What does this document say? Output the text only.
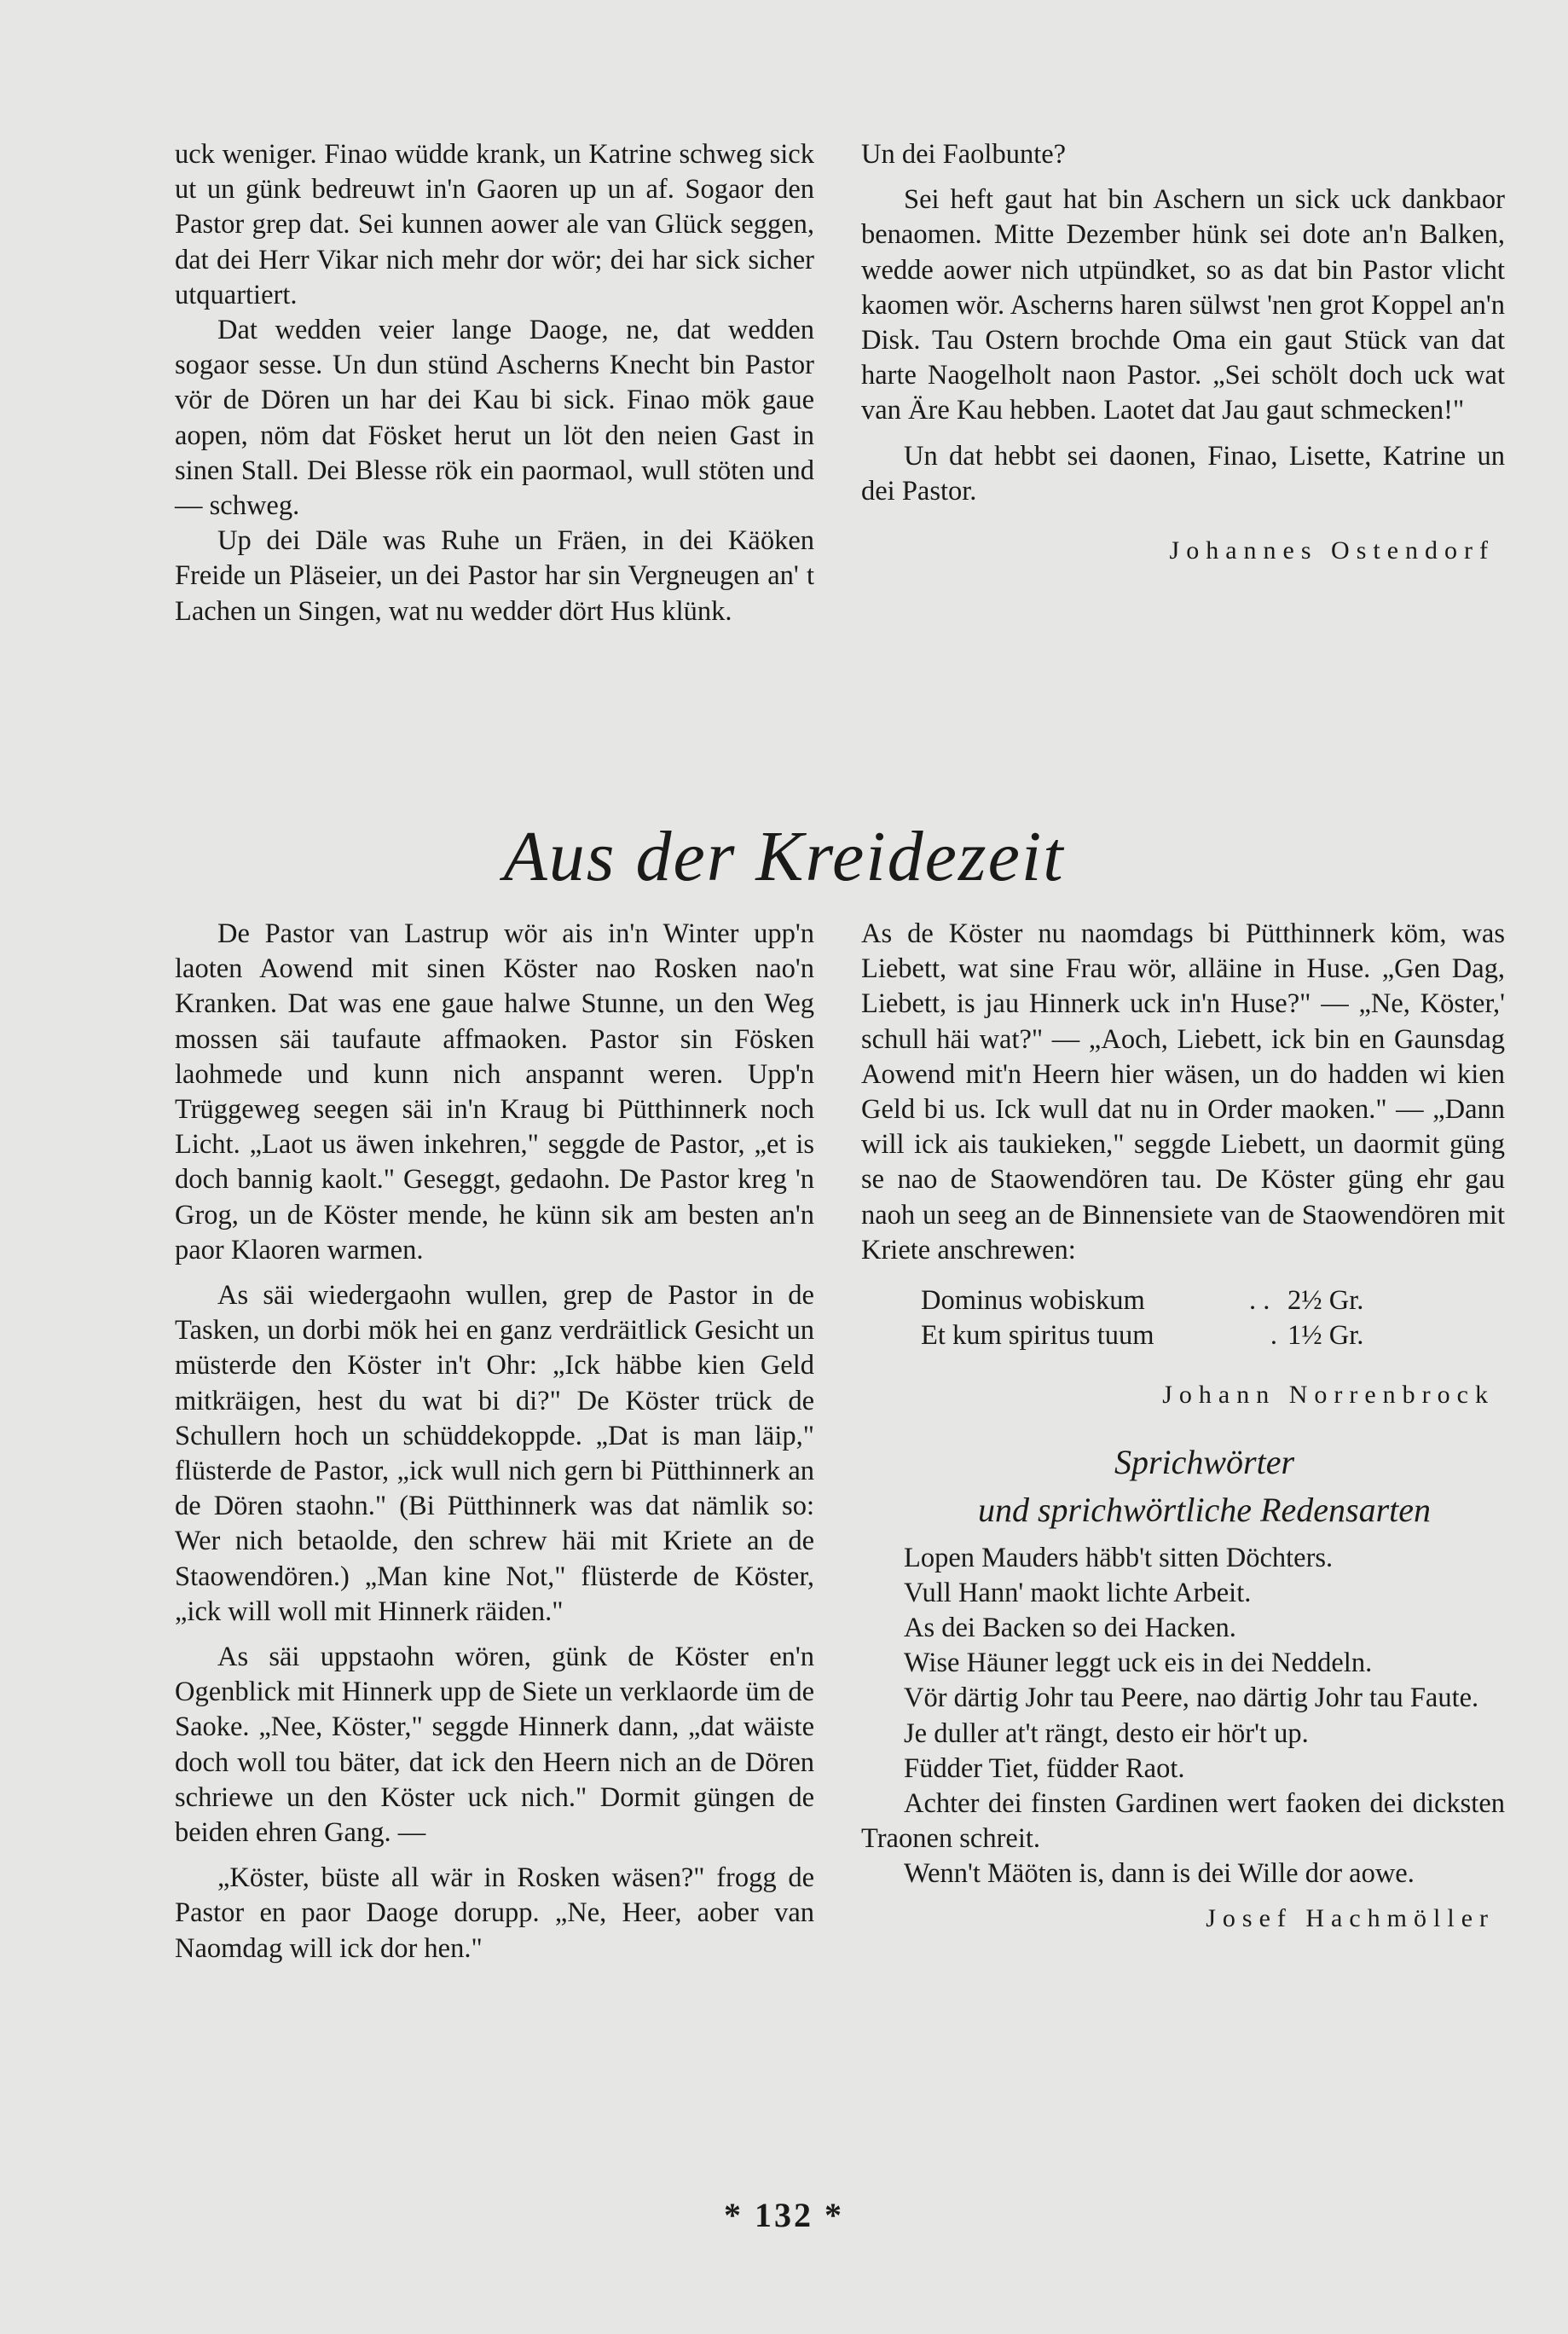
uck weniger. Finao wüdde krank, un Katrine schweg sick ut un günk bedreuwt in'n Gaoren up un af. Sogaor den Pastor grep dat. Sei kunnen aower ale van Glück seggen, dat dei Herr Vikar nich mehr dor wör; dei har sick sicher utquartiert.

Dat wedden veier lange Daoge, ne, dat wedden sogaor sesse. Un dun stünd Ascherns Knecht bin Pastor vör de Dören un har dei Kau bi sick. Finao mök gaue aopen, nöm dat Fösket herut un löt den neien Gast in sinen Stall. Dei Blesse rök ein paormaol, wull stöten und — schweg.

Up dei Däle was Ruhe un Fräen, in dei Käöken Freide un Pläseier, un dei Pastor har sin Vergneugen an' t Lachen un Singen, wat nu wedder dört Hus klünk.

Un dei Faolbunte?

Sei heft gaut hat bin Aschern un sick uck dankbaor benaomen. Mitte Dezember hünk sei dote an'n Balken, wedde aower nich utpündket, so as dat bin Pastor vlicht kaomen wör. Ascherns haren sülwst 'nen grot Koppel an'n Disk. Tau Ostern brochde Oma ein gaut Stück van dat harte Naogelholt naon Pastor. „Sei schölt doch uck wat van Äre Kau hebben. Laotet dat Jau gaut schmecken!"

Un dat hebbt sei daonen, Finao, Lisette, Katrine un dei Pastor.

Johannes Ostendorf
Aus der Kreidezeit

De Pastor van Lastrup wör ais in'n Winter upp'n laoten Aowend mit sinen Köster nao Rosken nao'n Kranken. Dat was ene gaue halwe Stunne, un den Weg mossen säi taufaute affmaoken. Pastor sin Fösken laohmede und kunn nich anspannt weren. Upp'n Trüggeweg seegen säi in'n Kraug bi Pütthinnerk noch Licht. „Laot us äwen inkehren," seggde de Pastor, „et is doch bannig kaolt." Geseggt, gedaohn. De Pastor kreg 'n Grog, un de Köster mende, he künn sik am besten an'n paor Klaoren warmen.

As säi wiedergaohn wullen, grep de Pastor in de Tasken, un dorbi mök hei en ganz verdräitlick Gesicht un müsterde den Köster in't Ohr: „Ick häbbe kien Geld mitkräigen, hest du wat bi di?" De Köster trück de Schullern hoch un schüddekoppde. „Dat is man läip," flüsterde de Pastor, „ick wull nich gern bi Pütthinnerk an de Dören staohn." (Bi Pütthinnerk was dat nämlik so: Wer nich betaolde, den schrew häi mit Kriete an de Staowendören.) „Man kine Not," flüsterde de Köster, „ick will woll mit Hinnerk räiden."

As säi uppstaohn wören, günk de Köster en'n Ogenblick mit Hinnerk upp de Siete un verklaorde üm de Saoke. „Nee, Köster," seggde Hinnerk dann, „dat wäiste doch woll tou bäter, dat ick den Heern nich an de Dören schriewe un den Köster uck nich." Dormit güngen de beiden ehren Gang. —

„Köster, büste all wär in Rosken wäsen?" frogg de Pastor en paor Daoge dorupp. „Ne, Heer, aober van Naomdag will ick dor hen."

As de Köster nu naomdags bi Pütthinnerk köm, was Liebett, wat sine Frau wör, alläine in Huse. „Gen Dag, Liebett, is jau Hinnerk uck in'n Huse?" — „Ne, Köster,' schull häi wat?" — „Aoch, Liebett, ick bin en Gaunsdag Aowend mit'n Heern hier wäsen, un do hadden wi kien Geld bi us. Ick wull dat nu in Order maoken." — „Dann will ick ais taukieken," seggde Liebett, un daormit güng se nao de Staowendören tau. De Köster güng ehr gau naoh un seeg an de Binnensiete van de Staowendören mit Kriete anschrewen:

Dominus wobiskum	. . 2½ Gr.
Et kum spiritus tuum	. 1½ Gr.
Johann Norrenbrock
Sprichwörter
und sprichwörtliche Redensarten

Lopen Mauders häbb't sitten Döchters.

Vull Hann' maokt lichte Arbeit.

As dei Backen so dei Hacken.

Wise Häuner leggt uck eis in dei Neddeln.

Vör därtig Johr tau Peere, nao därtig Johr tau Faute.

Je duller at't rängt, desto eir hör't up.

Füdder Tiet, füdder Raot.

Achter dei finsten Gardinen wert faoken dei dicksten Traonen schreit.

Wenn't Mäöten is, dann is dei Wille dor aowe.

Josef Hachmöller
* 132 *
